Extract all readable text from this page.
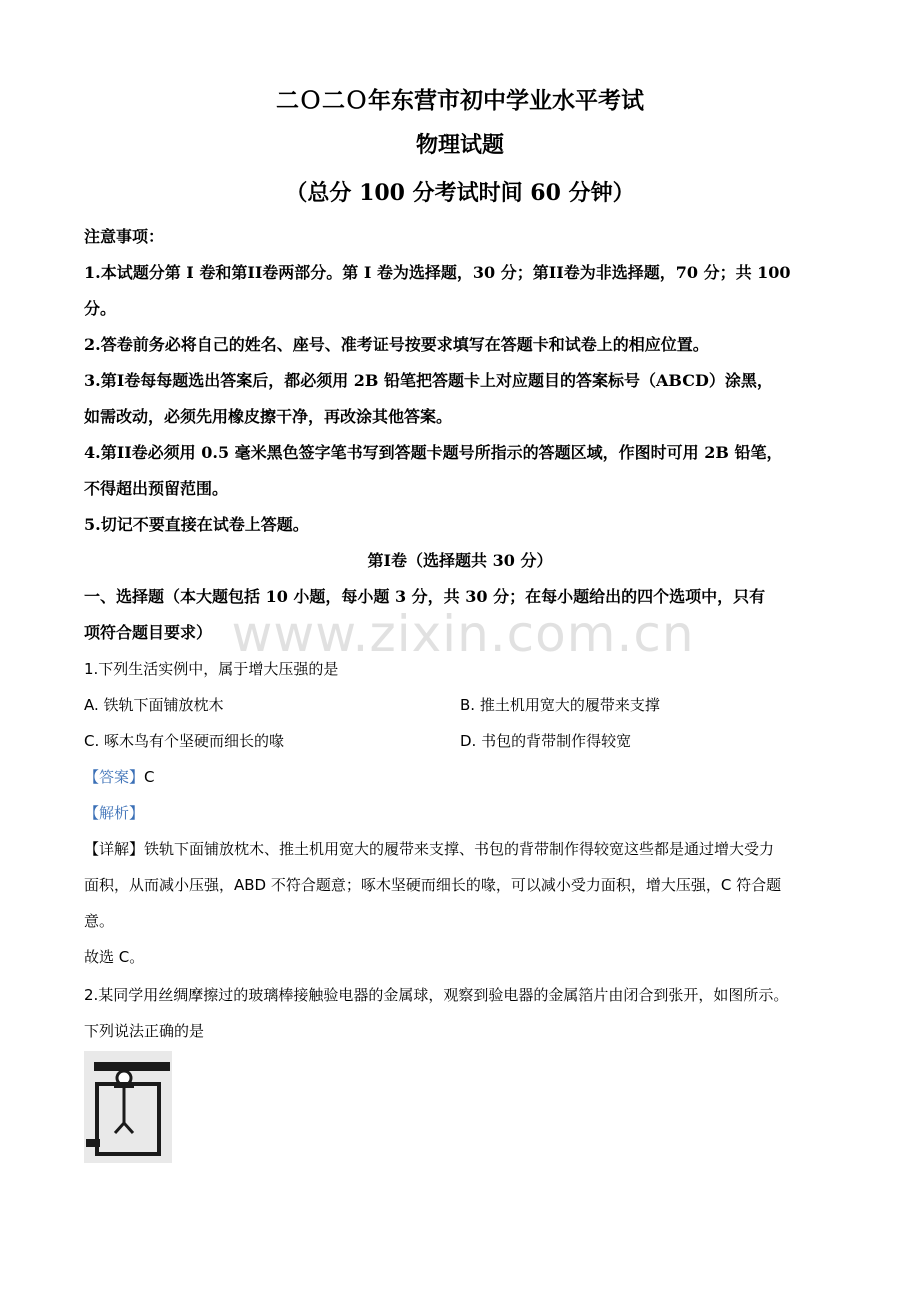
二Ｏ二Ｏ年东营市初中学业水平考试
物理试题
（总分 100 分考试时间 60 分钟）
注意事项：
1.本试题分第 I 卷和第II卷两部分。第 I 卷为选择题，30 分；第II卷为非选择题，70 分；共 100
分。
2.答卷前务必将自己的姓名、座号、准考证号按要求填写在答题卡和试卷上的相应位置。
3.第I卷每每题选出答案后，都必须用 2B 铅笔把答题卡上对应题目的答案标号（ABCD）涂黑，
如需改动，必须先用橡皮擦干净，再改涂其他答案。
4.第II卷必须用 0.5 毫米黑色签字笔书写到答题卡题号所指示的答题区域，作图时可用 2B 铅笔，
不得超出预留范围。
5.切记不要直接在试卷上答题。
第I卷（选择题共 30 分）
一、选择题（本大题包括 10 小题，每小题 3 分，共 30 分；在每小题给出的四个选项中，只有
项符合题目要求） www.zixin.com.cn
1.下列生活实例中，属于增大压强的是
A. 铁轨下面铺放枕木	B. 推土机用宽大的履带来支撑
C. 啄木鸟有个坚硬而细长的喙	D. 书包的背带制作得较宽
【答案】C
【解析】
【详解】铁轨下面铺放枕木、推土机用宽大的履带来支撑、书包的背带制作得较宽这些都是通过增大受力
面积，从而减小压强，ABD 不符合题意；啄木坚硬而细长的喙，可以减小受力面积，增大压强，C 符合题
意。
故选 C。
2.某同学用丝绸摩擦过的玻璃棒接触验电器的金属球，观察到验电器的金属箔片由闭合到张开，如图所示。
下列说法正确的是
